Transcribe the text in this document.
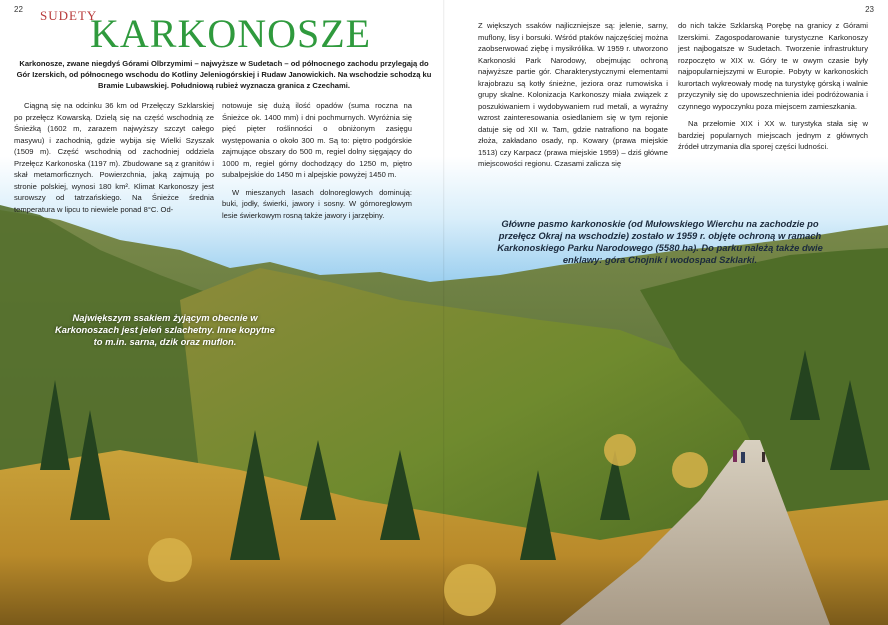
22	23
SUDETY
KARKONOSZE
Karkonosze, zwane niegdyś Górami Olbrzymimi – najwyższe w Sudetach – od północnego zachodu przylegają do Gór Izerskich, od północnego wschodu do Kotliny Jeleniogórskiej i Rudaw Janowickich. Na wschodzie schodzą ku Bramie Lubawskiej. Południową rubież wyznacza granica z Czechami.

Ciągną się na odcinku 36 km od Przełęczy Szklarskiej po przełęcz Kowarską. Dzielą się na część wschodnią ze Śnieżką (1602 m, zarazem najwyższy szczyt całego masywu) i zachodnią, gdzie wybija się Wielki Szyszak (1509 m). Część wschodnią od zachodniej oddziela Przełęcz Karkonoska (1197 m). Zbudowane są z granitów i skał metamorficznych. Powierzchnia, jaką zajmują po stronie polskiej, wynosi 180 km². Klimat Karkonoszy jest surowszy od tatrzańskiego. Na Śnieżce średnia temperatura w lipcu to niewiele ponad 8°C. Od-

notowuje się dużą ilość opadów (suma roczna na Śnieżce ok. 1400 mm) i dni pochmurnych. Wyróżnia się pięć pięter roślinności o obniżonym zasięgu występowania o około 300 m. Są to: piętro podgórskie zajmujące obszary do 500 m, regiel dolny sięgający do 1000 m, regiel górny dochodzący do 1250 m, piętro subalpejskie do 1450 m i alpejskie powyżej 1450 m.

W mieszanych lasach dolnoreglowych dominują: buki, jodły, świerki, jawory i sosny. W górnoreglowym lesie świerkowym rosną także jawory i jarzębiny.

Z większych ssaków najliczniejsze są: jelenie, sarny, muflony, lisy i borsuki. Wśród ptaków najczęściej można zaobserwować ziębę i mysikrólika. W 1959 r. utworzono Karkonoski Park Narodowy, obejmując ochroną najwyższe partie gór. Charakterystycznymi elementami krajobrazu są kotły śnieżne, jeziora oraz rumowiska i grupy skalne. Kolonizacja Karkonoszy miała związek z poszukiwaniem i wydobywaniem rud metali, a wyraźny wzrost zainteresowania osiedlaniem się w tym rejonie datuje się od XII w. Tam, gdzie natrafiono na bogate złoża, zakładano osady, np. Kowary (prawa miejskie 1513) czy Karpacz (prawa miejskie 1959) – dziś główne miejscowości regionu. Czasami zalicza się

do nich także Szklarską Porębę na granicy z Górami Izerskimi. Zagospodarowanie turystyczne Karkonoszy jest najbogatsze w Sudetach. Tworzenie infrastruktury rozpoczęto w XIX w. Góry te w owym czasie były najpopularniejszymi w Europie. Pobyty w karkonoskich kurortach wykreowały modę na turystykę górską i walnie przyczyniły się do upowszechnienia idei podróżowania i czynnego wypoczynku poza miejscem zamieszkania.

Na przełomie XIX i XX w. turystyka stała się w bardziej popularnych miejscach jednym z głównych źródeł utrzymania dla sporej części ludności.

Największym ssakiem żyjącym obecnie w Karkonoszach jest jeleń szlachetny. Inne kopytne to m.in. sarna, dzik oraz muflon.
Główne pasmo karkonoskie (od Mułowskiego Wierchu na zachodzie po przełęcz Okraj na wschodzie) zostało w 1959 r. objęte ochroną w ramach Karkonoskiego Parku Narodowego (5580 ha). Do parku należą także dwie enklawy: góra Chojnik i wodospad Szklarki.
